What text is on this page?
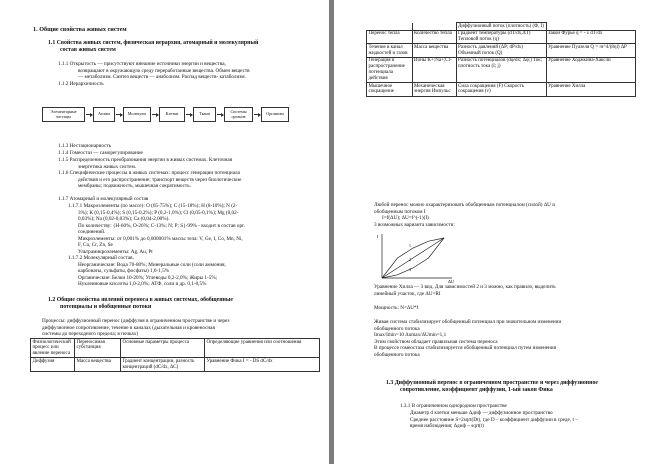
1. Общие свойства живых систем
1.1 Свойства живых систем, физическая иерархия, атомарный и молекулярный
состав живых систем
1.1.1 Открытость — присутствуют внешние источники энергии и вещества,
возвращают в окружающую среду переработанные вещества. Обмен веществ
— метаболизм. Синтез веществ — анаболизм. Распад веществ- катаболизм.
1.1.2 Иерархичность
Элементарные частицы	Атомы	Молекулы	Клетки	Ткани	Системы органов	Организм
1.1.3 Нестационарность
1.1.4 Гомеостаз — саморегулирование
1.1.5 Распределенность преобразования энергии в живых системах. Клеточная
энергетика живых систем.
1.1.6 Специфические процессы в живых системах: процесс генерации потенциала
действия и его распространение; транспорт веществ через биологические
мембраны; подвижность, мышечная сократимость.
1.1.7 Атомарный и молекулярный состав
1.1.7.1 Макроэлементы (по массе): O (65-75%); C (15-18%); H (8-10%); N (2-
3%); K (0,15-0,4%); S (0,15-0,2%); P (0,2-1,0%); Cl (0,05-0,1%); Mg (0,02-
0,03%); Na (0,02-0,03%); Ca (0,04-2,00%).
По количеству: {H-60%, O-26%; C-13%; N; P; S}-99% - входит в состав орг.
соединений.
Микроэлементы: от 0,001% до 0,000001% массы тела: V, Ge, I, Co, Mn, Ni,
F, Cu, Cr, Zn, Se
Ультрамикроэлементы: Ag, Au, Pt
1.1.7.2 Молекулярный состав.
Неорганические: Вода 70-80%; Минеральные соли (соли аммония,
карбонаты, сульфаты, фосфаты) 1,0-1,5%
Органические: Белки 10-20%; Углеводы 0,2-2,0%; Жиры 1-5%;
Нуклеиновые кислоты 1,0-2,0%; АТФ, соли и др. 0,1-0,5%
1.2 Общие свойства явлений переноса в живых системах, обобщенные
потенциалы и обобщенные потоки
Процессы: диффузионный перенос (диффузия в ограниченном пространстве и через
диффузионное сопротивление, течение в каналах (дыхательная и кровеносная
системы до переходного предела; в почках)
Физиологический процесс или явление переноса	Переносимая субстанция	Основные параметры процесса	Определяющие уравнения или соотношения
Диффузия	Масса вещества	Градиент концентрации, разность концентраций (dC/dx, ΔC)	Уравнение Фика I = - DS dC/dx
		Диффузионный поток (плотность) (Ф, I)	
Перенос тепла	Количество тепла	Градиент температуры (dT/dx,ΔT) Тепловой поток (q)	Закон Фурье q = - λ dT/dx
Течение в канал жидкостей и газов	Масса вещества	Разность давлений (ΔP; dP/dx) Объемный поток (Q)	Уравнение Пуазеля Q = πr^4/(8ηl) ΔP
Генерация и распространение потенциала действия	Ионы K+;Na+;Cl-	Разность потенциалов (dφ/dx; Δφ;) Ток; плотность тока (I; j)	Уравнение Ходжкина-Хаксли
Мышечное сокращение	Механическая энергия Импульс	Сила сокращения (F) Скорость сокращения (v)	Уравнение Хилла
Любой перенос можно охарактеризовать обобщенным потенциалом (силой) ΔU и
обобщенным потоком I
I=f(ΔU); ΔU=f^(-1)(I)
3 возможных варианта зависимости:
I
ΔU
1
2
3
Уравнение Хилла — 3 вид. Для зависимостей 2 и 3 можно, как правило, выделить
линейный участок, где ΔU=RI
Мощность: N=ΔU*I
Живая система стабилизирует обобщенный потенциал при значительном изменении
обобщенного потока
Imax/Imin=10 Δumax/ΔUmin=1,1
Этим свойством обладает правильная система переноса
В процессе гомеостаза стабилизируется обобщенный потенциал путем изменения
обобщенного потока
1.3 Диффузионный перенос в ограниченном пространстве и через диффузионное
сопротивление, коэффициент диффузии, 1-ый закон Фика
1.3.1 В ограниченном однородном пространстве
Диаметр d клетки меньше Δдиф — диффузионное пространство
Среднее расстояние S=2sqrt(Dt), где D – коэффициент диффузии в среде, t –
время наблюдения; Δдиф ~ sqrt(t)
